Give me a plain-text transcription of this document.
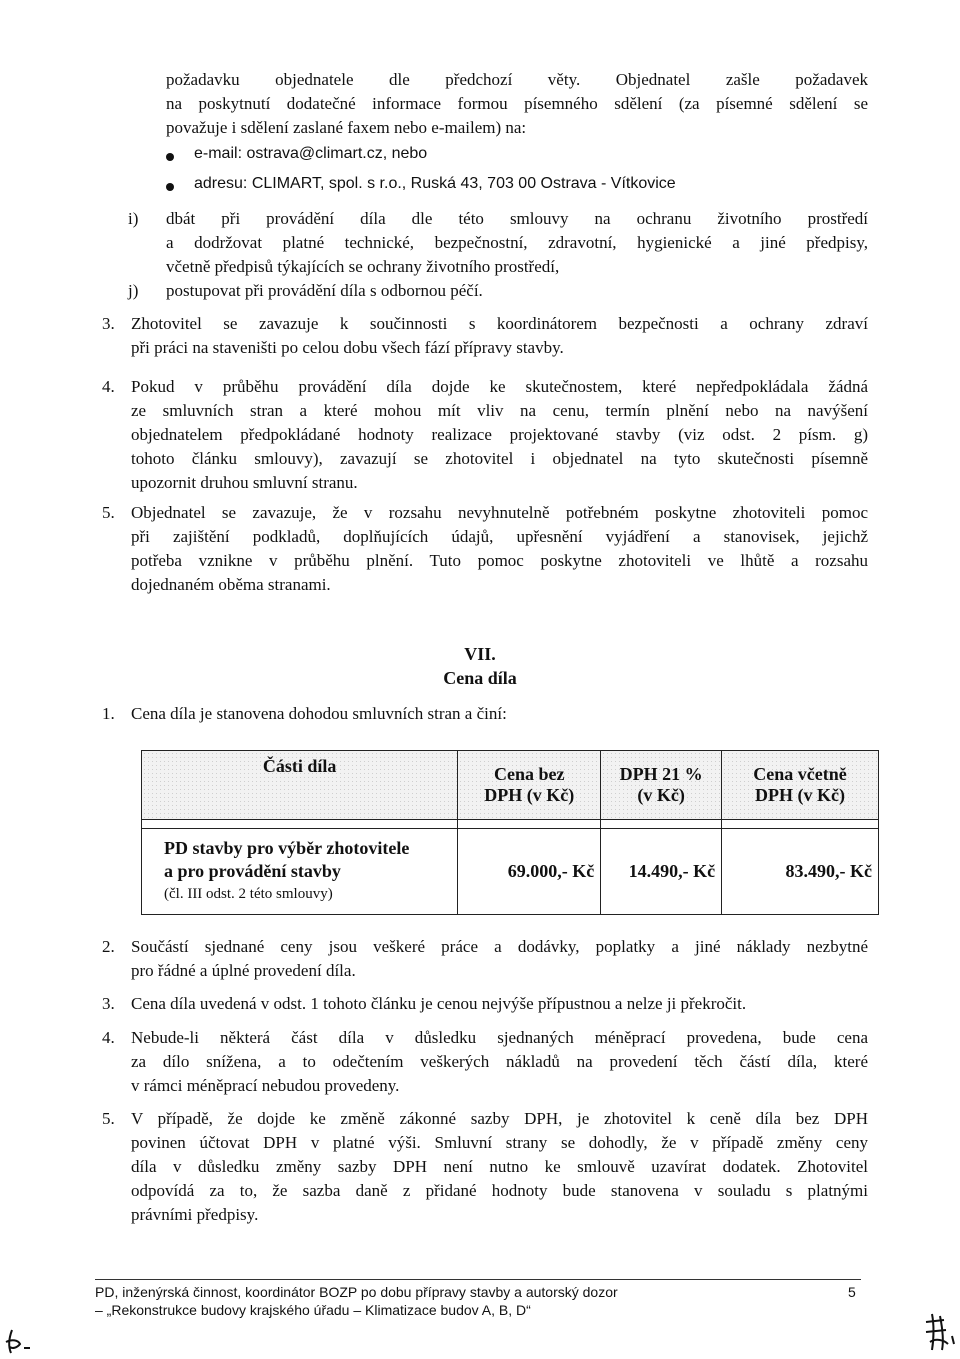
požadavku objednatele dle předchozí věty. Objednatel zašle požadavek
na poskytnutí dodatečné informace formou písemného sdělení (za písemné sdělení se
považuje i sdělení zaslané faxem nebo e-mailem) na:
e-mail: ostrava@climart.cz, nebo
adresu: CLIMART, spol. s r.o., Ruská 43, 703 00 Ostrava - Vítkovice
i) dbát při provádění díla dle této smlouvy na ochranu životního prostředí
a dodržovat platné technické, bezpečnostní, zdravotní, hygienické a jiné předpisy,
včetně předpisů týkajících se ochrany životního prostředí,
j) postupovat při provádění díla s odbornou péčí.
3. Zhotovitel se zavazuje k součinnosti s koordinátorem bezpečnosti a ochrany zdraví
při práci na staveništi po celou dobu všech fází přípravy stavby.
4. Pokud v průběhu provádění díla dojde ke skutečnostem, které nepředpokládala žádná
ze smluvních stran a které mohou mít vliv na cenu, termín plnění nebo na navýšení
objednatelem předpokládané hodnoty realizace projektované stavby (viz odst. 2 písm. g)
tohoto článku smlouvy), zavazují se zhotovitel i objednatel na tyto skutečnosti písemně
upozornit druhou smluvní stranu.
5. Objednatel se zavazuje, že v rozsahu nevyhnutelně potřebném poskytne zhotoviteli pomoc
při zajištění podkladů, doplňujících údajů, upřesnění vyjádření a stanovisek, jejichž
potřeba vznikne v průběhu plnění. Tuto pomoc poskytne zhotoviteli ve lhůtě a rozsahu
dojednaném oběma stranami.
VII.
Cena díla
1. Cena díla je stanovena dohodou smluvních stran a činí:
Části díla	Cena bez DPH (v Kč)	DPH 21 % (v Kč)	Cena včetně DPH (v Kč)

PD stavby pro výběr zhotovitele
a pro provádění stavby
(čl. III odst. 2 této smlouvy)	69.000,- Kč	14.490,- Kč	83.490,- Kč
2. Součástí sjednané ceny jsou veškeré práce a dodávky, poplatky a jiné náklady nezbytné
pro řádné a úplné provedení díla.
3. Cena díla uvedená v odst. 1 tohoto článku je cenou nejvýše přípustnou a nelze ji překročit.
4. Nebude-li některá část díla v důsledku sjednaných méněprací provedena, bude cena
za dílo snížena, a to odečtením veškerých nákladů na provedení těch částí díla, které
v rámci méněprací nebudou provedeny.
5. V případě, že dojde ke změně zákonné sazby DPH, je zhotovitel k ceně díla bez DPH
povinen účtovat DPH v platné výši. Smluvní strany se dohodly, že v případě změny ceny
díla v důsledku změny sazby DPH není nutno ke smlouvě uzavírat dodatek. Zhotovitel
odpovídá za to, že sazba daně z přidané hodnoty bude stanovena v souladu s platnými
právními předpisy.
PD, inženýrská činnost, koordinátor BOZP po dobu přípravy stavby a autorský dozor
– „Rekonstrukce budovy krajského úřadu – Klimatizace budov A, B, D“
5
